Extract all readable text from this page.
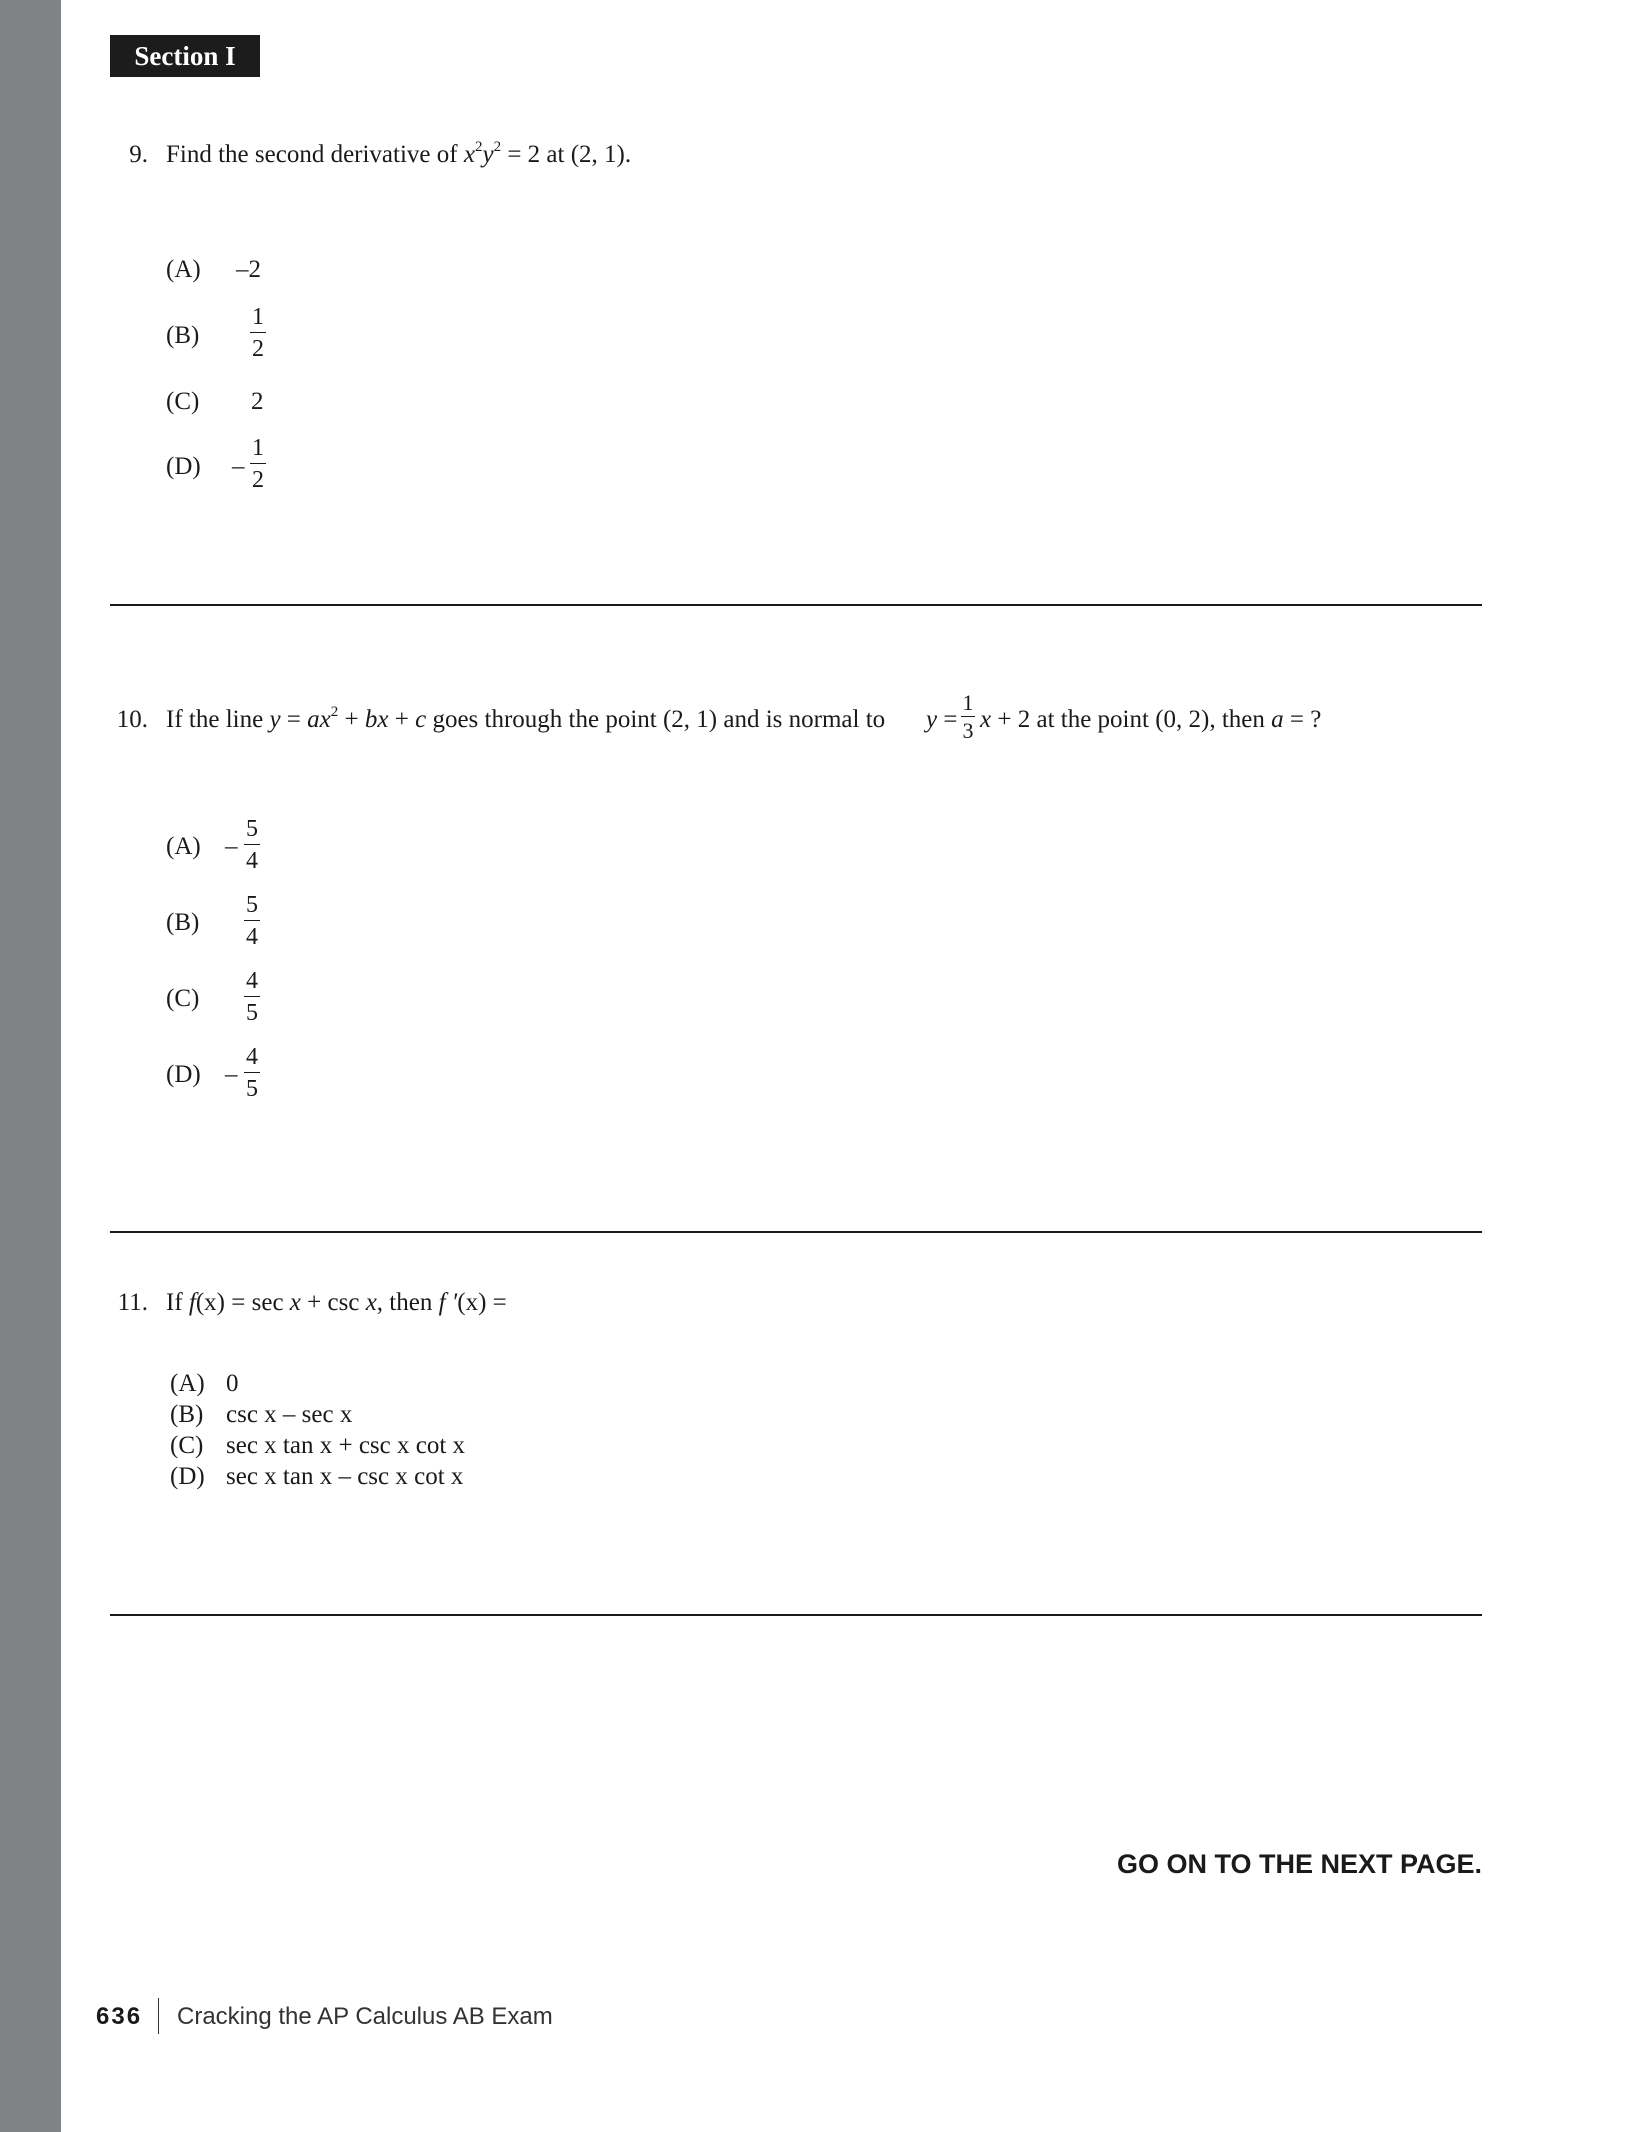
Section I
9. Find the second derivative of $x^2y^2 = 2$ at (2, 1).
(A) –2
(B)
1
2
(C) 2
(D) –
1
2
10. If the line $y = ax^2$ + bx + c goes through the point (2, 1) and is normal to y =
1
3 x + 2 at the point (0, 2), then a = ?
(A) –
5
4
(B)
5
4
(C)
4
5
(D) –
4
5
11. If f(x) = sec x + csc x, then f ′(x) =
(A) 0
(B) csc x – sec x
(C) sec x tan x + csc x cot x
(D) sec x tan x – csc x cot x
GO ON TO THE NEXT PAGE.
636 Cracking the AP Calculus AB Exam
